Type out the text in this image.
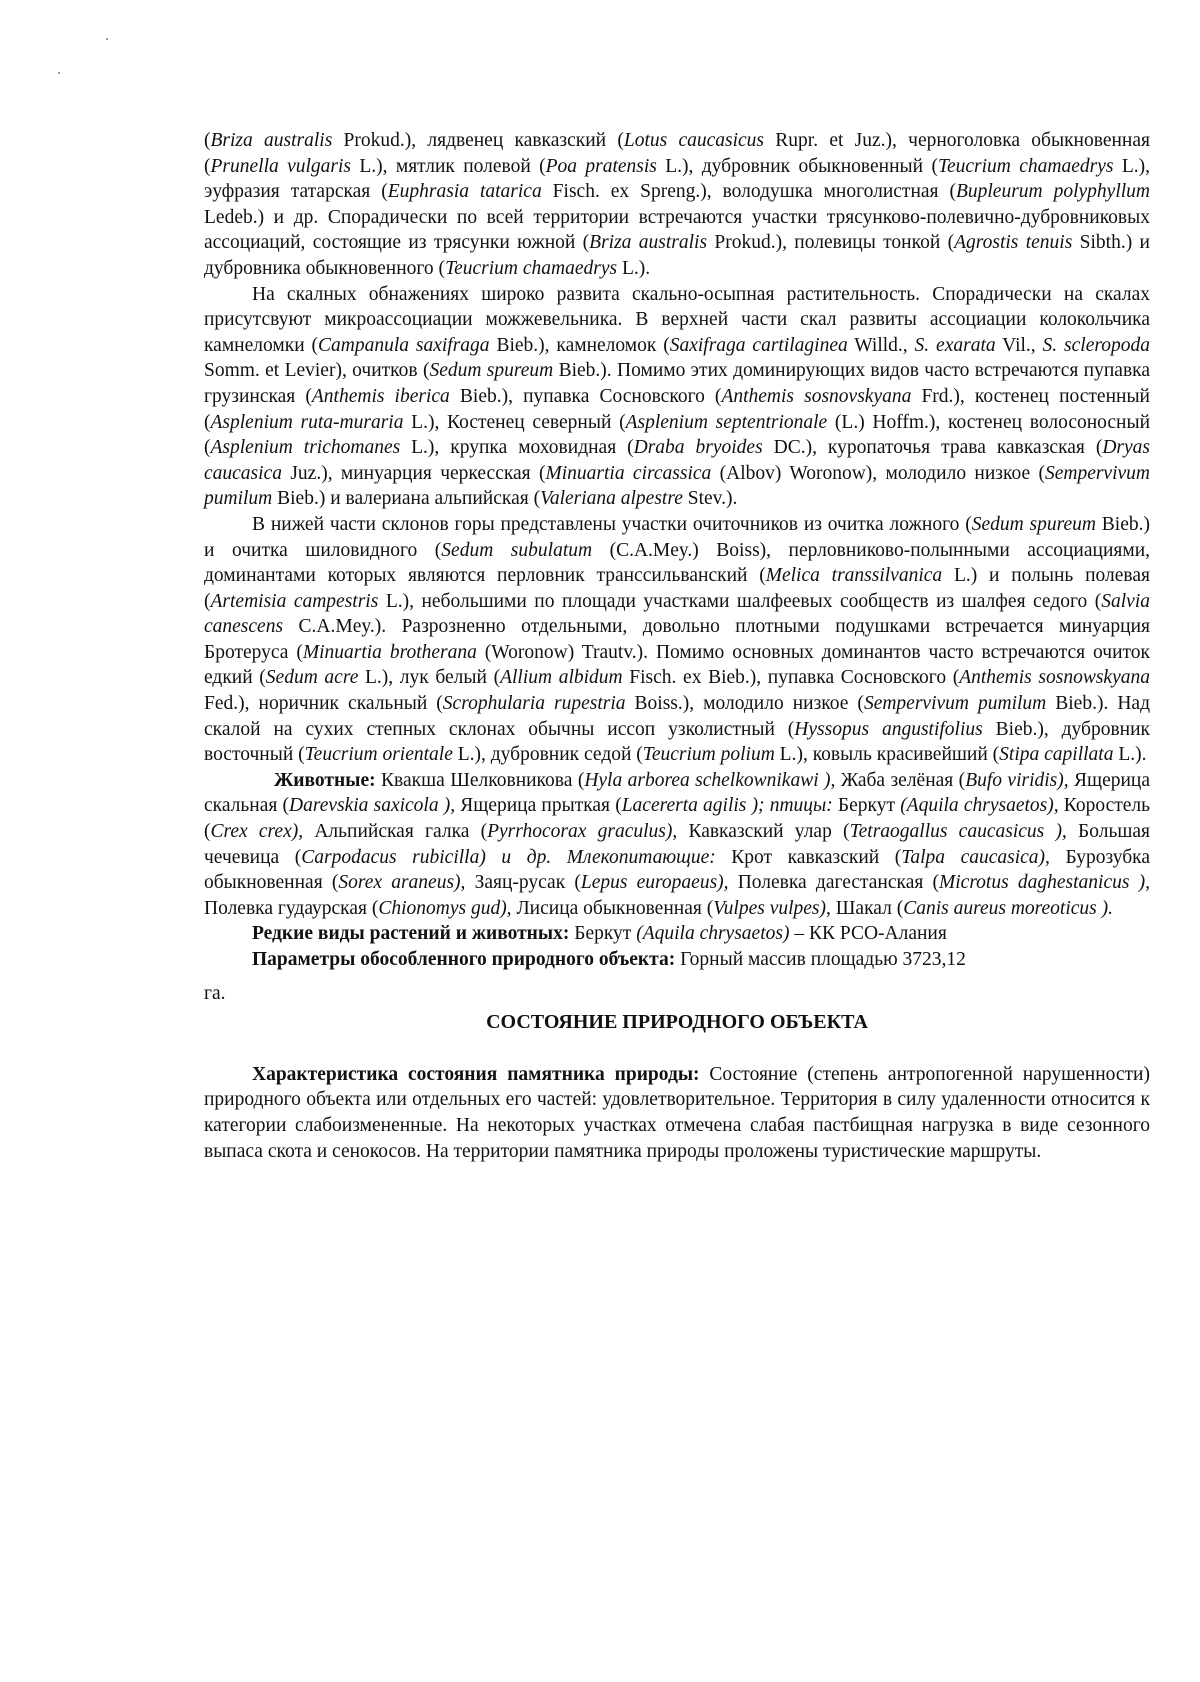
(Briza australis Prokud.), лядвенец кавказский (Lotus caucasicus Rupr. et Juz.), черноголовка обыкновенная (Prunella vulgaris L.), мятлик полевой (Poa pratensis L.), дубровник обыкновенный (Teucrium chamaedrys L.), эуфразия татарская (Euphrasia tatarica Fisch. ex Spreng.), володушка многолистная (Bupleurum polyphyllum Ledeb.) и др. Спорадически по всей территории встречаются участки трясунково-полевично-дубровниковых ассоциаций, состоящие из трясунки южной (Briza australis Prokud.), полевицы тонкой (Agrostis tenuis Sibth.) и дубровника обыкновенного (Teucrium chamaedrys L.).

На скалных обнажениях широко развита скально-осыпная растительность. Спорадически на скалах присутсвуют микроассоциации можжевельника. В верхней части скал развиты ассоциации колокольчика камнеломки (Campanula saxifraga Bieb.), камнеломок (Saxifraga cartilaginea Willd., S. exarata Vil., S. scleropoda Somm. et Levier), очитков (Sedum spureum Bieb.). Помимо этих доминирующих видов часто встречаются пупавка грузинская (Anthemis iberica Bieb.), пупавка Сосновского (Anthemis sosnovskyana Frd.), костенец постенный (Asplenium ruta-muraria L.), Костенец северный (Asplenium septentrionale (L.) Hoffm.), костенец волосоносный (Asplenium trichomanes L.), крупка моховидная (Draba bryoides DC.), куропаточья трава кавказская (Dryas caucasica Juz.), минуарция черкесская (Minuartia circassica (Albov) Woronow), молодило низкое (Sempervivum pumilum Bieb.) и валериана альпийская (Valeriana alpestre Stev.).

В нижей части склонов горы представлены участки очиточников из очитка ложного (Sedum spureum Bieb.) и очитка шиловидного (Sedum subulatum (C.A.Mey.) Boiss), перловниково-полынными ассоциациями, доминантами которых являются перловник транссильванский (Melica transsilvanica L.) и полынь полевая (Artemisia campestris L.), небольшими по площади участками шалфеевых сообществ из шалфея седого (Salvia canescens C.A.Mey.). Разрозненно отдельными, довольно плотными подушками встречается минуарция Бротеруса (Minuartia brotherana (Woronow) Trautv.). Помимо основных доминантов часто встречаются очиток едкий (Sedum acre L.), лук белый (Allium albidum Fisch. ex Bieb.), пупавка Сосновского (Anthemis sosnowskyana Fed.), норичник скальный (Scrophularia rupestria Boiss.), молодило низкое (Sempervivum pumilum Bieb.). Над скалой на сухих степных склонах обычны иссоп узколистный (Hyssopus angustifolius Bieb.), дубровник восточный (Teucrium orientale L.), дубровник седой (Teucrium polium L.), ковыль красивейший (Stipa capillata L.).

Животные: Квакша Шелковникова (Hyla arborea schelkownikawi ), Жаба зелёная (Bufo viridis), Ящерица скальная (Darevskia saxicola ), Ящерица прыткая (Lacererta agilis ); птицы: Беркут (Aquila chrysaetos), Коростель (Crex crex), Альпийская галка (Pyrrhocorax graculus), Кавказский улар (Tetraogallus caucasicus ), Большая чечевица (Carpodacus rubicilla) и др. Млекопитающие: Крот кавказский (Talpa caucasica), Бурозубка обыкновенная (Sorex araneus), Заяц-русак (Lepus europaeus), Полевка дагестанская (Microtus daghestanicus ), Полевка гудаурская (Chionomys gud), Лисица обыкновенная (Vulpes vulpes), Шакал (Canis aureus moreoticus ).

Редкие виды растений и животных: Беркут (Aquila chrysaetos) – КК РСО-Алания

Параметры обособленного природного объекта: Горный массив площадью 3723,12

га.

СОСТОЯНИЕ ПРИРОДНОГО ОБЪЕКТА

Характеристика состояния памятника природы: Состояние (степень антропогенной нарушенности) природного объекта или отдельных его частей: удовлетворительное. Территория в силу удаленности относится к категории слабоизмененные. На некоторых участках отмечена слабая пастбищная нагрузка в виде сезонного выпаса скота и сенокосов. На территории памятника природы проложены туристические маршруты.
